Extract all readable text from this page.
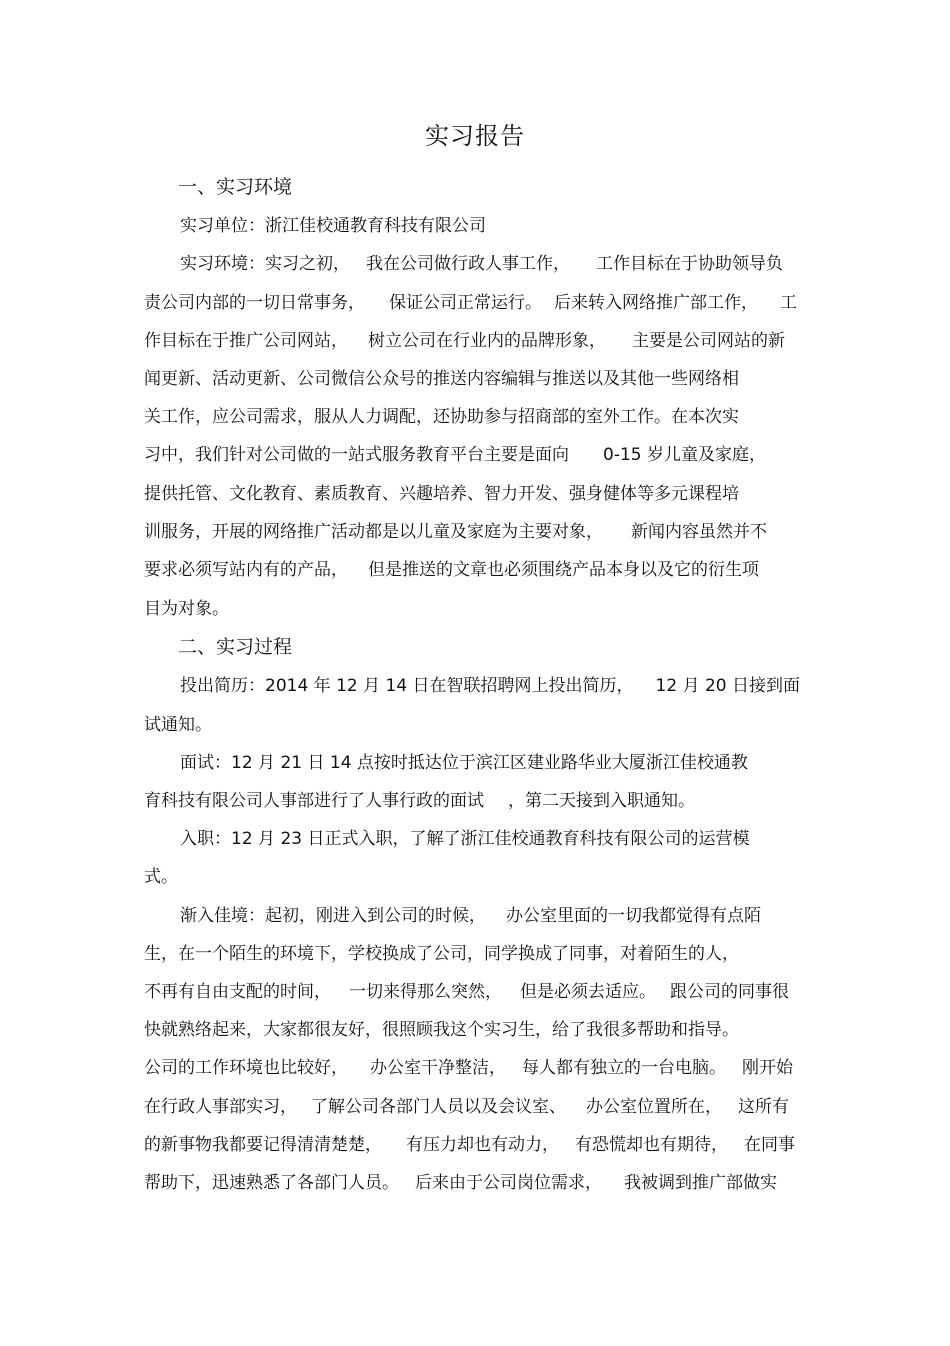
实习报告
一、实习环境
实习单位：浙江佳校通教育科技有限公司
实习环境：实习之初， 我在公司做行政人事工作， 工作目标在于协助领导负
责公司内部的一切日常事务， 保证公司正常运行。 后来转入网络推广部工作， 工
作目标在于推广公司网站， 树立公司在行业内的品牌形象， 主要是公司网站的新
闻更新、活动更新、公司微信公众号的推送内容编辑与推送以及其他一些网络相
关工作，应公司需求，服从人力调配，还协助参与招商部的室外工作。在本次实
习中，我们针对公司做的一站式服务教育平台主要是面向 0-15 岁儿童及家庭，
提供托管、文化教育、素质教育、兴趣培养、智力开发、强身健体等多元课程培
训服务，开展的网络推广活动都是以儿童及家庭为主要对象， 新闻内容虽然并不
要求必须写站内有的产品， 但是推送的文章也必须围绕产品本身以及它的衍生项
目为对象。
二、实习过程
投出简历：2014 年 12 月 14 日在智联招聘网上投出简历， 12 月 20 日接到面
试通知。
面试：12 月 21 日 14 点按时抵达位于滨江区建业路华业大厦浙江佳校通教
育科技有限公司人事部进行了人事行政的面试 ，第二天接到入职通知。
入职：12 月 23 日正式入职，了解了浙江佳校通教育科技有限公司的运营模
式。
渐入佳境：起初，刚进入到公司的时候， 办公室里面的一切我都觉得有点陌
生，在一个陌生的环境下，学校换成了公司，同学换成了同事，对着陌生的人，
不再有自由支配的时间， 一切来得那么突然， 但是必须去适应。 跟公司的同事很
快就熟络起来，大家都很友好，很照顾我这个实习生，给了我很多帮助和指导。
公司的工作环境也比较好， 办公室干净整洁， 每人都有独立的一台电脑。 刚开始
在行政人事部实习， 了解公司各部门人员以及会议室、 办公室位置所在， 这所有
的新事物我都要记得清清楚楚， 有压力却也有动力， 有恐慌却也有期待， 在同事
帮助下，迅速熟悉了各部门人员。 后来由于公司岗位需求， 我被调到推广部做实
